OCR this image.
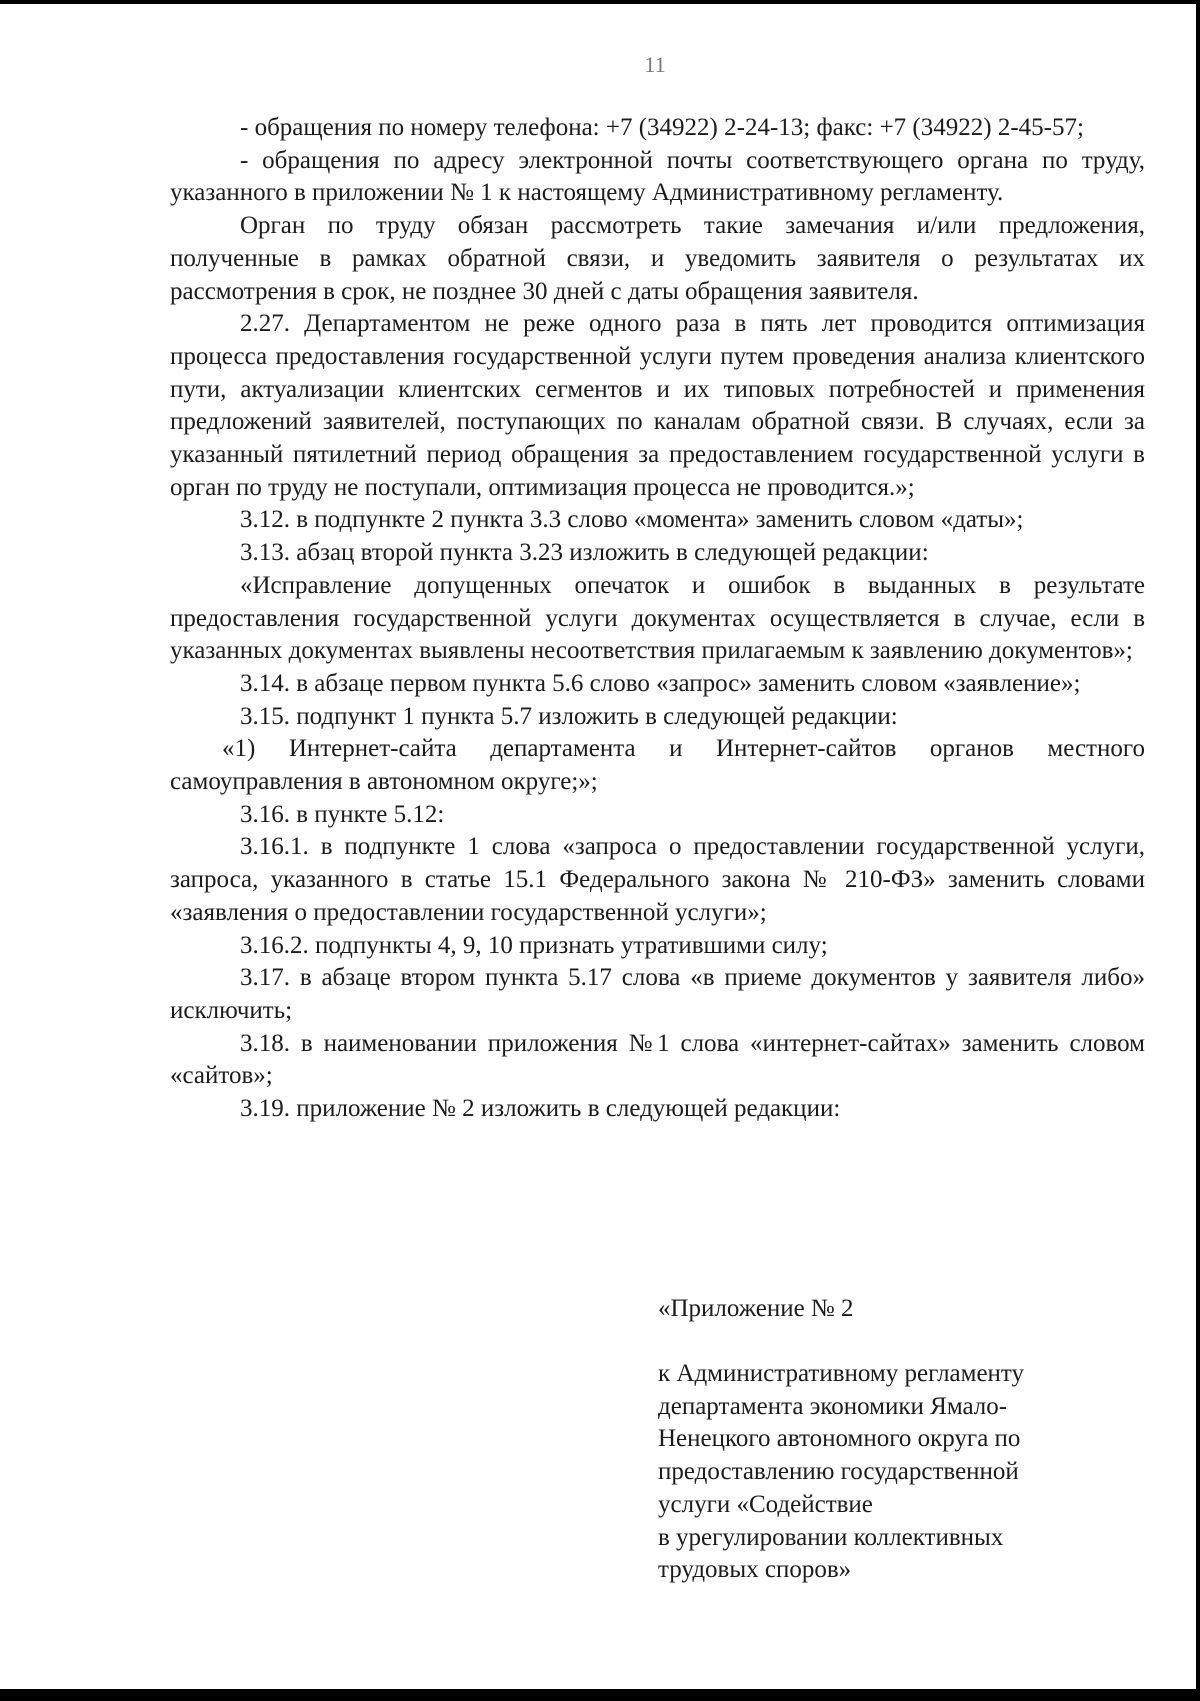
11

- обращения по номеру телефона: +7 (34922) 2-24-13; факс: +7 (34922) 2-45-57;

- обращения по адресу электронной почты соответствующего органа по труду, указанного в приложении № 1 к настоящему Административному регламенту.

Орган по труду обязан рассмотреть такие замечания и/или предложения, полученные в рамках обратной связи, и уведомить заявителя о результатах их рассмотрения в срок, не позднее 30 дней с даты обращения заявителя.

2.27. Департаментом не реже одного раза в пять лет проводится оптимизация процесса предоставления государственной услуги путем проведения анализа клиентского пути, актуализации клиентских сегментов и их типовых потребностей и применения предложений заявителей, поступающих по каналам обратной связи. В случаях, если за указанный пятилетний период обращения за предоставлением государственной услуги в орган по труду не поступали, оптимизация процесса не проводится.»;

3.12. в подпункте 2 пункта 3.3 слово «момента» заменить словом «даты»;

3.13. абзац второй пункта 3.23 изложить в следующей редакции:

«Исправление допущенных опечаток и ошибок в выданных в результате предоставления государственной услуги документах осуществляется в случае, если в указанных документах выявлены несоответствия прилагаемым к заявлению документов»;

3.14. в абзаце первом пункта 5.6 слово «запрос» заменить словом «заявление»;

3.15. подпункт 1 пункта 5.7 изложить в следующей редакции:

«1) Интернет-сайта департамента и Интернет-сайтов органов местного самоуправления в автономном округе;»;

3.16. в пункте 5.12:

3.16.1. в подпункте 1 слова «запроса о предоставлении государственной услуги, запроса, указанного в статье 15.1 Федерального закона № 210-ФЗ» заменить словами «заявления о предоставлении государственной услуги»;

3.16.2. подпункты 4, 9, 10 признать утратившими силу;

3.17. в абзаце втором пункта 5.17 слова «в приеме документов у заявителя либо» исключить;

3.18. в наименовании приложения №1 слова «интернет-сайтах» заменить словом «сайтов»;

3.19. приложение № 2 изложить в следующей редакции:

«Приложение № 2
к Административному регламенту
департамента экономики Ямало-
Ненецкого автономного округа по
предоставлению государственной
услуги «Содействие
в урегулировании коллективных
трудовых споров»
